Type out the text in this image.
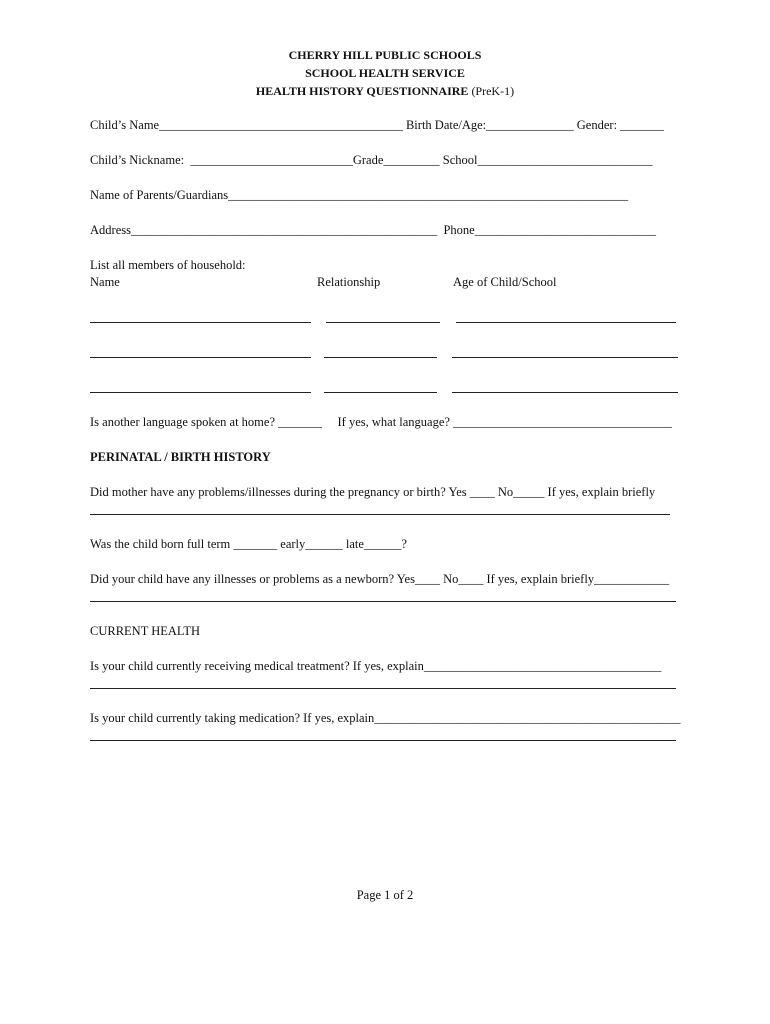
CHERRY HILL PUBLIC SCHOOLS
SCHOOL HEALTH SERVICE
HEALTH HISTORY QUESTIONNAIRE (PreK-1)
Child’s Name_______________________________________ Birth Date/Age:______________ Gender: _______
Child’s Nickname:  __________________________Grade_________ School____________________________
Name of Parents/Guardians________________________________________________________________
Address_________________________________________________  Phone_____________________________
List all members of household:
Name	Relationship	Age of Child/School
Is another language spoken at home? _______     If yes, what language? ___________________________________
PERINATAL / BIRTH HISTORY
Did mother have any problems/illnesses during the pregnancy or birth? Yes ____ No_____ If yes, explain briefly
Was the child born full term _______ early______ late______?
Did your child have any illnesses or problems as a newborn? Yes____ No____ If yes, explain briefly____________
CURRENT HEALTH
Is your child currently receiving medical treatment? If yes, explain______________________________________
Is your child currently taking medication? If yes, explain_________________________________________________
Page 1 of 2
